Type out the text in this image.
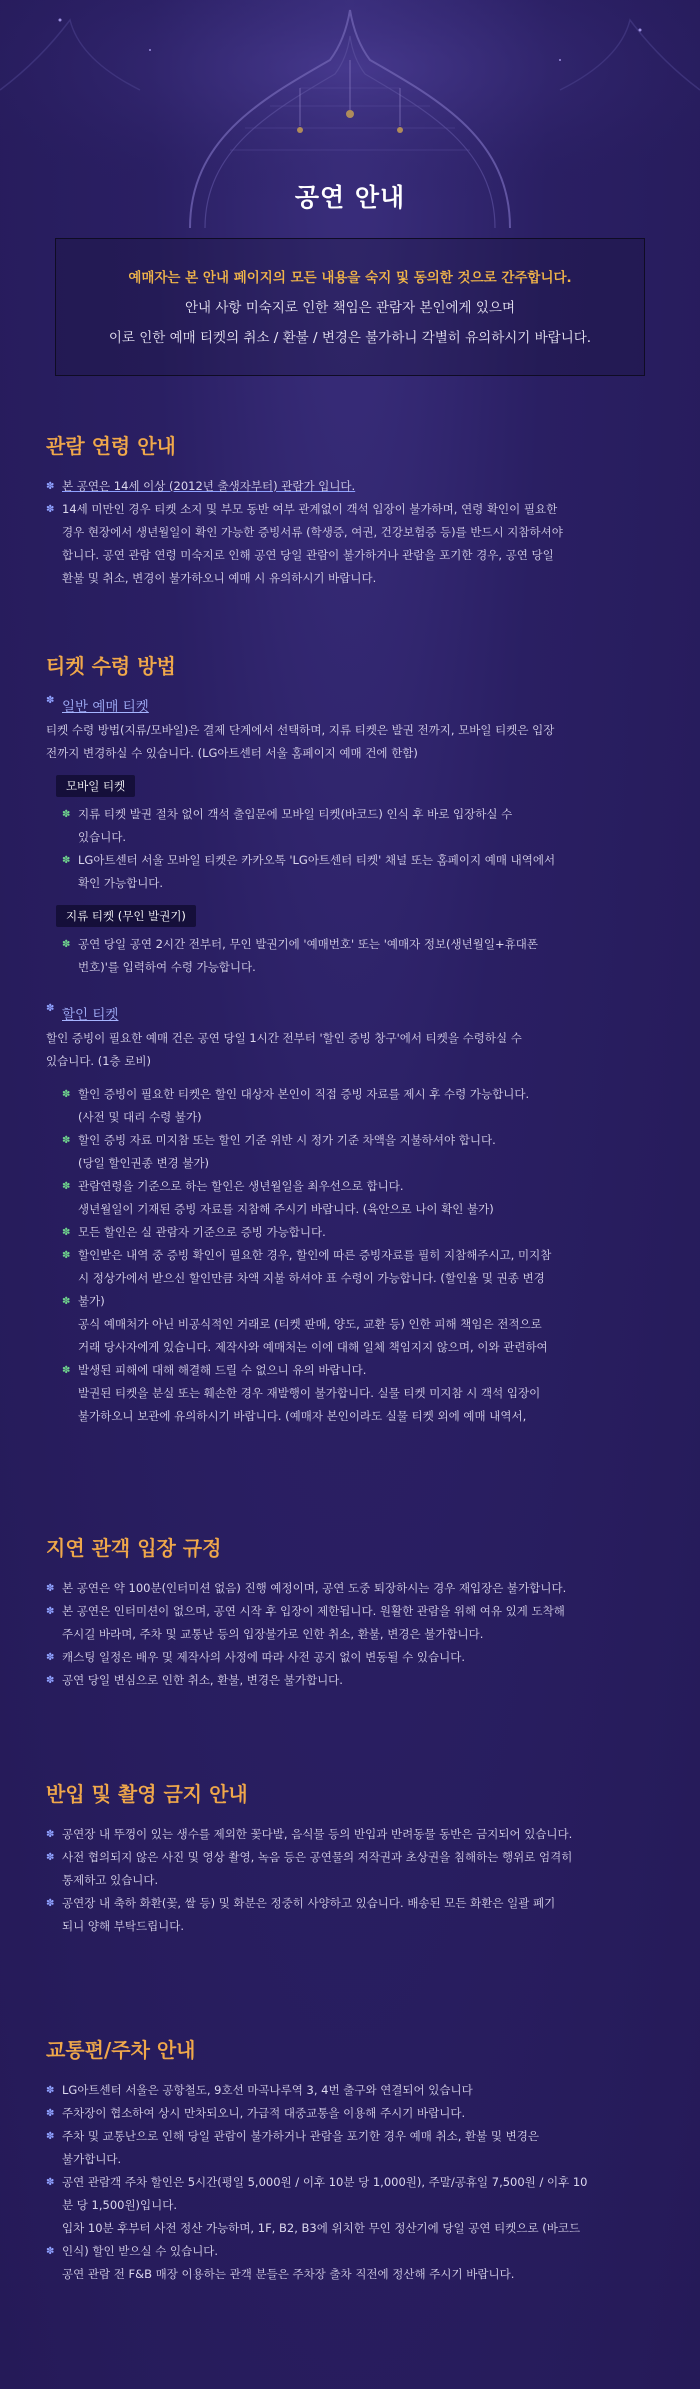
공연 안내

예매자는 본 안내 페이지의 모든 내용을 숙지 및 동의한 것으로 간주합니다.

안내 사항 미숙지로 인한 책임은 관람자 본인에게 있으며

이로 인한 예매 티켓의 취소 / 환불 / 변경은 불가하니 각별히 유의하시기 바랍니다.

관람 연령 안내
✽ 본 공연은 14세 이상 (2012년 출생자부터) 관람가 입니다.
✽ 14세 미만인 경우 티켓 소지 및 부모 동반 여부 관계없이 객석 입장이 불가하며, 연령 확인이 필요한
경우 현장에서 생년월일이 확인 가능한 증빙서류 (학생증, 여권, 건강보험증 등)를 반드시 지참하셔야
합니다. 공연 관람 연령 미숙지로 인해 공연 당일 관람이 불가하거나 관람을 포기한 경우, 공연 당일
환불 및 취소, 변경이 불가하오니 예매 시 유의하시기 바랍니다.
티켓 수령 방법
✽ 일반 예매 티켓
티켓 수령 방법(지류/모바일)은 결제 단계에서 선택하며, 지류 티켓은 발권 전까지, 모바일 티켓은 입장
전까지 변경하실 수 있습니다. (LG아트센터 서울 홈페이지 예매 건에 한함)
모바일 티켓
✽ 지류 티켓 발권 절차 없이 객석 출입문에 모바일 티켓(바코드) 인식 후 바로 입장하실 수
있습니다.
✽ LG아트센터 서울 모바일 티켓은 카카오톡 'LG아트센터 티켓' 채널 또는 홈페이지 예매 내역에서
확인 가능합니다.
지류 티켓 (무인 발권기)
✽ 공연 당일 공연 2시간 전부터, 무인 발권기에 '예매번호' 또는 '예매자 정보(생년월일+휴대폰
번호)'를 입력하여 수령 가능합니다.
✽ 할인 티켓
할인 증빙이 필요한 예매 건은 공연 당일 1시간 전부터 '할인 증빙 창구'에서 티켓을 수령하실 수
있습니다. (1층 로비)
✽ 할인 증빙이 필요한 티켓은 할인 대상자 본인이 직접 증빙 자료를 제시 후 수령 가능합니다.
(사전 및 대리 수령 불가)
✽ 할인 증빙 자료 미지참 또는 할인 기준 위반 시 정가 기준 차액을 지불하셔야 합니다.
(당일 할인권종 변경 불가)
✽ 관람연령을 기준으로 하는 할인은 생년월일을 최우선으로 합니다.
생년월일이 기재된 증빙 자료를 지참해 주시기 바랍니다. (육안으로 나이 확인 불가)
✽ 모든 할인은 실 관람자 기준으로 증빙 가능합니다.
✽ 할인받은 내역 중 증빙 확인이 필요한 경우, 할인에 따른 증빙자료를 필히 지참해주시고, 미지참
시 정상가에서 받으신 할인만큼 차액 지불 하셔야 표 수령이 가능합니다. (할인율 및 권종 변경
✽ 불가)
공식 예매처가 아닌 비공식적인 거래로 (티켓 판매, 양도, 교환 등) 인한 피해 책임은 전적으로
거래 당사자에게 있습니다. 제작사와 예매처는 이에 대해 일체 책임지지 않으며, 이와 관련하여
✽ 발생된 피해에 대해 해결해 드릴 수 없으니 유의 바랍니다.
발권된 티켓을 분실 또는 훼손한 경우 재발행이 불가합니다. 실물 티켓 미지참 시 객석 입장이
불가하오니 보관에 유의하시기 바랍니다. (예매자 본인이라도 실물 티켓 외에 예매 내역서,
지연 관객 입장 규정
✽ 본 공연은 약 100분(인터미션 없음) 진행 예정이며, 공연 도중 퇴장하시는 경우 재입장은 불가합니다.
✽ 본 공연은 인터미션이 없으며, 공연 시작 후 입장이 제한됩니다. 원활한 관람을 위해 여유 있게 도착해
주시길 바라며, 주차 및 교통난 등의 입장불가로 인한 취소, 환불, 변경은 불가합니다.
✽ 캐스팅 일정은 배우 및 제작사의 사정에 따라 사전 공지 없이 변동될 수 있습니다.
✽ 공연 당일 변심으로 인한 취소, 환불, 변경은 불가합니다.
반입 및 촬영 금지 안내
✽ 공연장 내 뚜껑이 있는 생수를 제외한 꽃다발, 음식물 등의 반입과 반려동물 동반은 금지되어 있습니다.
✽ 사전 협의되지 않은 사진 및 영상 촬영, 녹음 등은 공연물의 저작권과 초상권을 침해하는 행위로 엄격히
통제하고 있습니다.
✽ 공연장 내 축하 화환(꽃, 쌀 등) 및 화분은 정중히 사양하고 있습니다. 배송된 모든 화환은 일괄 폐기
되니 양해 부탁드립니다.
교통편/주차 안내
✽ LG아트센터 서울은 공항철도, 9호선 마곡나루역 3, 4번 출구와 연결되어 있습니다
✽ 주차장이 협소하여 상시 만차되오니, 가급적 대중교통을 이용해 주시기 바랍니다.
✽ 주차 및 교통난으로 인해 당일 관람이 불가하거나 관람을 포기한 경우 예매 취소, 환불 및 변경은
불가합니다.
✽ 공연 관람객 주차 할인은 5시간(평일 5,000원 / 이후 10분 당 1,000원), 주말/공휴일 7,500원 / 이후 10
분 당 1,500원)입니다.
입차 10분 후부터 사전 정산 가능하며, 1F, B2, B3에 위치한 무인 정산기에 당일 공연 티켓으로 (바코드
✽ 인식) 할인 받으실 수 있습니다.
공연 관람 전 F&B 매장 이용하는 관객 분들은 주차장 출차 직전에 정산해 주시기 바랍니다.
